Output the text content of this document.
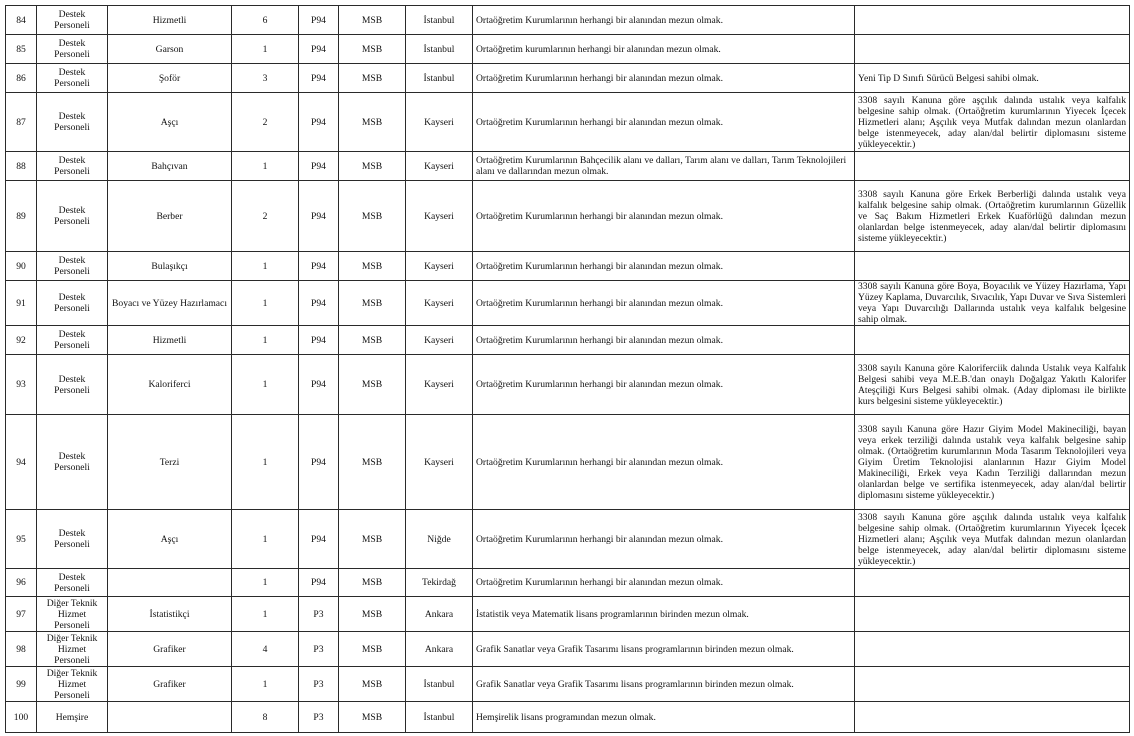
84	Destek Personeli	Hizmetli	6	P94	MSB	İstanbul	Ortaöğretim Kurumlarının herhangi bir alanından mezun olmak.	
85	Destek Personeli	Garson	1	P94	MSB	İstanbul	Ortaöğretim kurumlarının herhangi bir alanından mezun olmak.	
86	Destek Personeli	Şoför	3	P94	MSB	İstanbul	Ortaöğretim Kurumlarının herhangi bir alanından mezun olmak.	Yeni Tip D Sınıfı Sürücü Belgesi sahibi olmak.
87	Destek Personeli	Aşçı	2	P94	MSB	Kayseri	Ortaöğretim Kurumlarının herhangi bir alanından mezun olmak.	3308 sayılı Kanuna göre aşçılık dalında ustalık veya kalfalık belgesine sahip olmak. (Ortaöğretim kurumlarının Yiyecek İçecek Hizmetleri alanı; Aşçılık veya Mutfak dalından mezun olanlardan belge istenmeyecek, aday alan/dal belirtir diplomasını sisteme yükleyecektir.)
88	Destek Personeli	Bahçıvan	1	P94	MSB	Kayseri	Ortaöğretim Kurumlarının Bahçecilik alanı ve dalları, Tarım alanı ve dalları, Tarım Teknolojileri alanı ve dallarından mezun olmak.	
89	Destek Personeli	Berber	2	P94	MSB	Kayseri	Ortaöğretim Kurumlarının herhangi bir alanından mezun olmak.	3308 sayılı Kanuna göre Erkek Berberliği dalında ustalık veya kalfalık belgesine sahip olmak. (Ortaöğretim kurumlarının Güzellik ve Saç Bakım Hizmetleri Erkek Kuaförlüğü dalından mezun olanlardan belge istenmeyecek, aday alan/dal belirtir diplomasını sisteme yükleyecektir.)
90	Destek Personeli	Bulaşıkçı	1	P94	MSB	Kayseri	Ortaöğretim Kurumlarının herhangi bir alanından mezun olmak.	
91	Destek Personeli	Boyacı ve Yüzey Hazırlamacı	1	P94	MSB	Kayseri	Ortaöğretim Kurumlarının herhangi bir alanından mezun olmak.	3308 sayılı Kanuna göre Boya, Boyacılık ve Yüzey Hazırlama, Yapı Yüzey Kaplama, Duvarcılık, Sıvacılık, Yapı Duvar ve Sıva Sistemleri veya Yapı Duvarcılığı Dallarında ustalık veya kalfalık belgesine sahip olmak.
92	Destek Personeli	Hizmetli	1	P94	MSB	Kayseri	Ortaöğretim Kurumlarının herhangi bir alanından mezun olmak.	
93	Destek Personeli	Kaloriferci	1	P94	MSB	Kayseri	Ortaöğretim Kurumlarının herhangi bir alanından mezun olmak.	3308 sayılı Kanuna göre Kaloriferciik dalında Ustalık veya Kalfalık Belgesi sahibi veya M.E.B.'dan onaylı Doğalgaz Yakıtlı Kalorifer Ateşçiliği Kurs Belgesi sahibi olmak. (Aday diploması ile birlikte kurs belgesini sisteme yükleyecektir.)
94	Destek Personeli	Terzi	1	P94	MSB	Kayseri	Ortaöğretim Kurumlarının herhangi bir alanından mezun olmak.	3308 sayılı Kanuna göre Hazır Giyim Model Makineciliği, bayan veya erkek terziliği dalında ustalık veya kalfalık belgesine sahip olmak. (Ortaöğretim kurumlarının Moda Tasarım Teknolojileri veya Giyim Üretim Teknolojisi alanlarının Hazır Giyim Model Makineciliği, Erkek veya Kadın Terziliği dallarından mezun olanlardan belge ve sertifika istenmeyecek, aday alan/dal belirtir diplomasını sisteme yükleyecektir.)
95	Destek Personeli	Aşçı	1	P94	MSB	Niğde	Ortaöğretim Kurumlarının herhangi bir alanından mezun olmak.	3308 sayılı Kanuna göre aşçılık dalında ustalık veya kalfalık belgesine sahip olmak. (Ortaöğretim kurumlarının Yiyecek İçecek Hizmetleri alanı; Aşçılık veya Mutfak dalından mezun olanlardan belge istenmeyecek, aday alan/dal belirtir diplomasını sisteme yükleyecektir.)
96	Destek Personeli		1	P94	MSB	Tekirdağ	Ortaöğretim Kurumlarının herhangi bir alanından mezun olmak.	
97	Diğer Teknik Hizmet Personeli	İstatistikçi	1	P3	MSB	Ankara	İstatistik veya Matematik lisans programlarının birinden mezun olmak.	
98	Diğer Teknik Hizmet Personeli	Grafiker	4	P3	MSB	Ankara	Grafik Sanatlar veya Grafik Tasarımı lisans programlarının birinden mezun olmak.	
99	Diğer Teknik Hizmet Personeli	Grafiker	1	P3	MSB	İstanbul	Grafik Sanatlar veya Grafik Tasarımı lisans programlarının birinden mezun olmak.	
100	Hemşire		8	P3	MSB	İstanbul	Hemşirelik lisans programından mezun olmak.	
